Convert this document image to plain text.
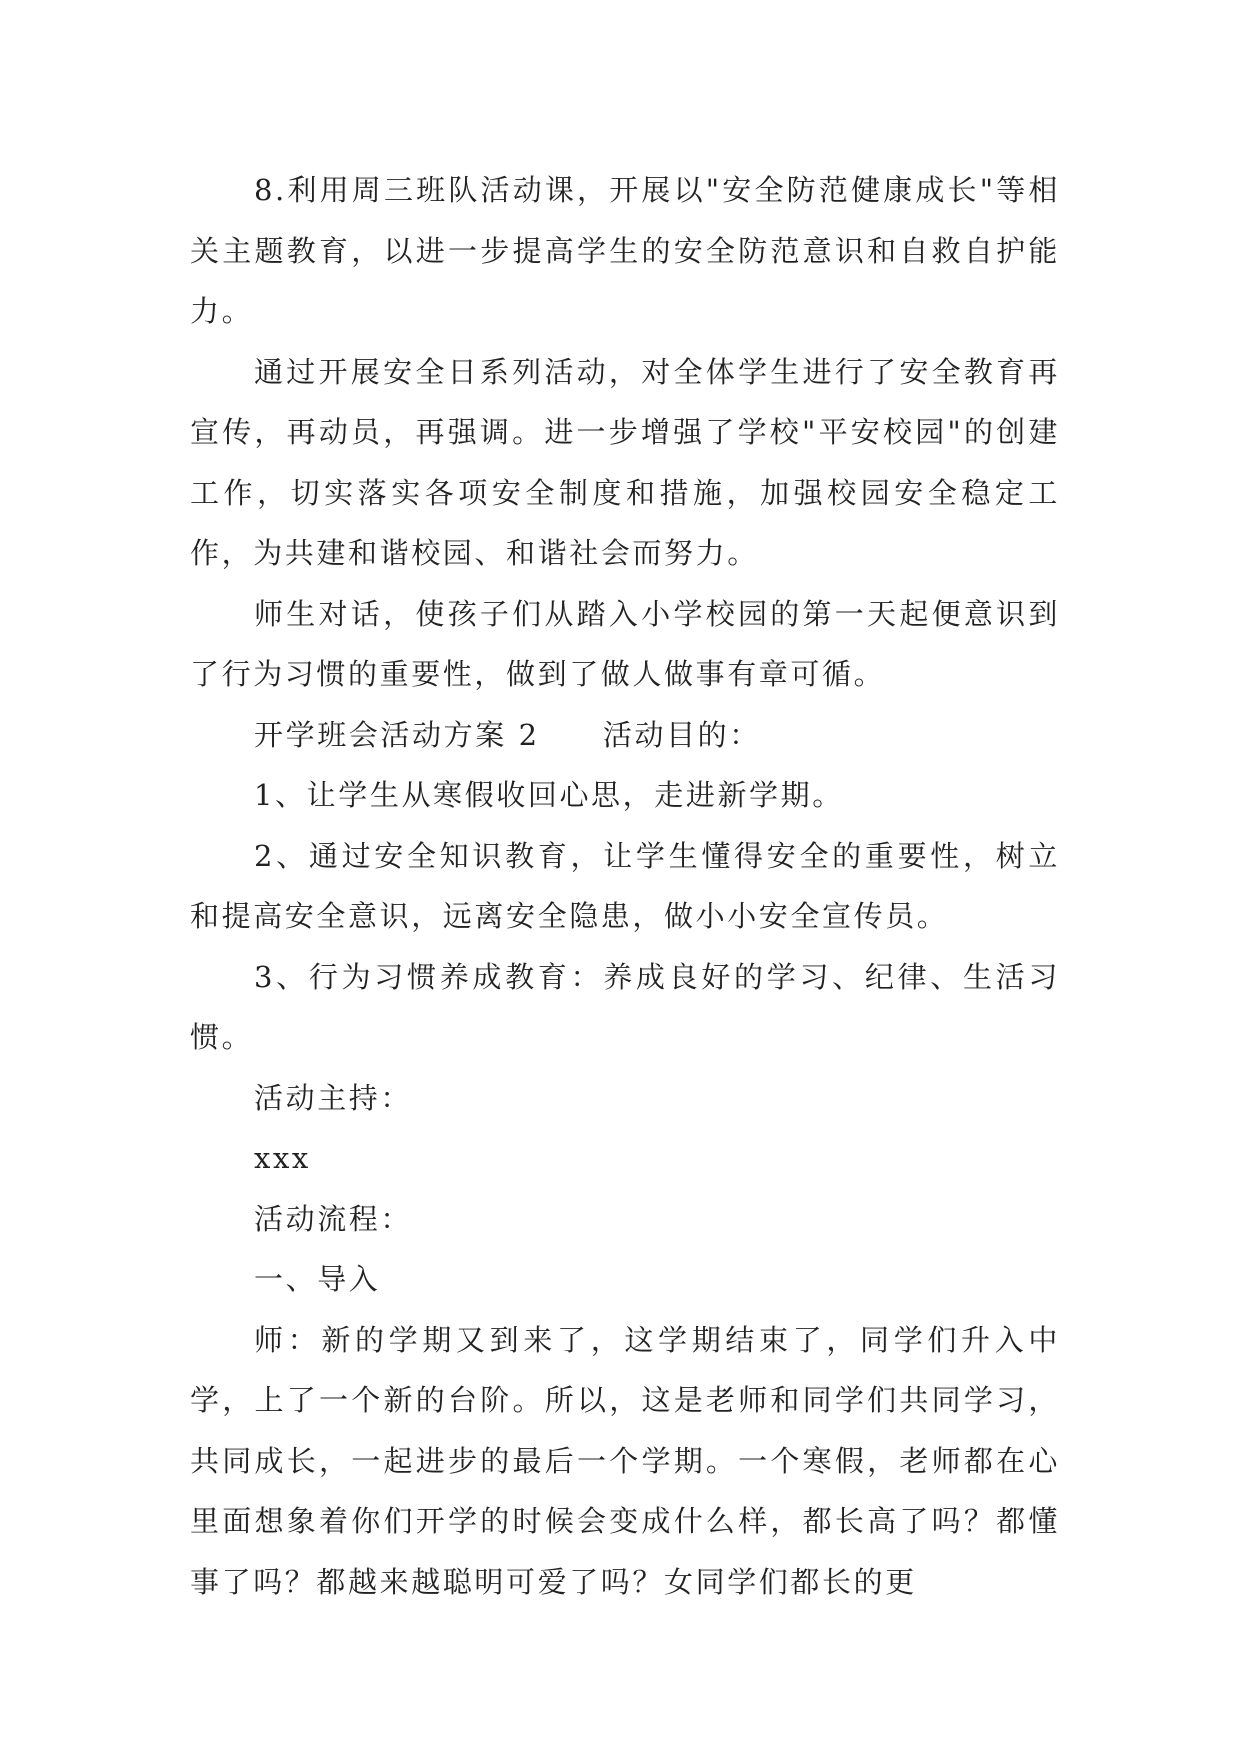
8.利用周三班队活动课，开展以"安全防范健康成长"等相关主题教育，以进一步提高学生的安全防范意识和自救自护能力。

通过开展安全日系列活动，对全体学生进行了安全教育再宣传，再动员，再强调。进一步增强了学校"平安校园"的创建工作，切实落实各项安全制度和措施，加强校园安全稳定工作，为共建和谐校园、和谐社会而努力。

师生对话，使孩子们从踏入小学校园的第一天起便意识到了行为习惯的重要性，做到了做人做事有章可循。

开学班会活动方案 2　　活动目的：

1、让学生从寒假收回心思，走进新学期。

2、通过安全知识教育，让学生懂得安全的重要性，树立和提高安全意识，远离安全隐患，做小小安全宣传员。

3、行为习惯养成教育：养成良好的学习、纪律、生活习惯。

活动主持：

xxx

活动流程：

一、导入

师：新的学期又到来了，这学期结束了，同学们升入中学，上了一个新的台阶。所以，这是老师和同学们共同学习，共同成长，一起进步的最后一个学期。一个寒假，老师都在心里面想象着你们开学的时候会变成什么样，都长高了吗？都懂事了吗？都越来越聪明可爱了吗？女同学们都长的更
